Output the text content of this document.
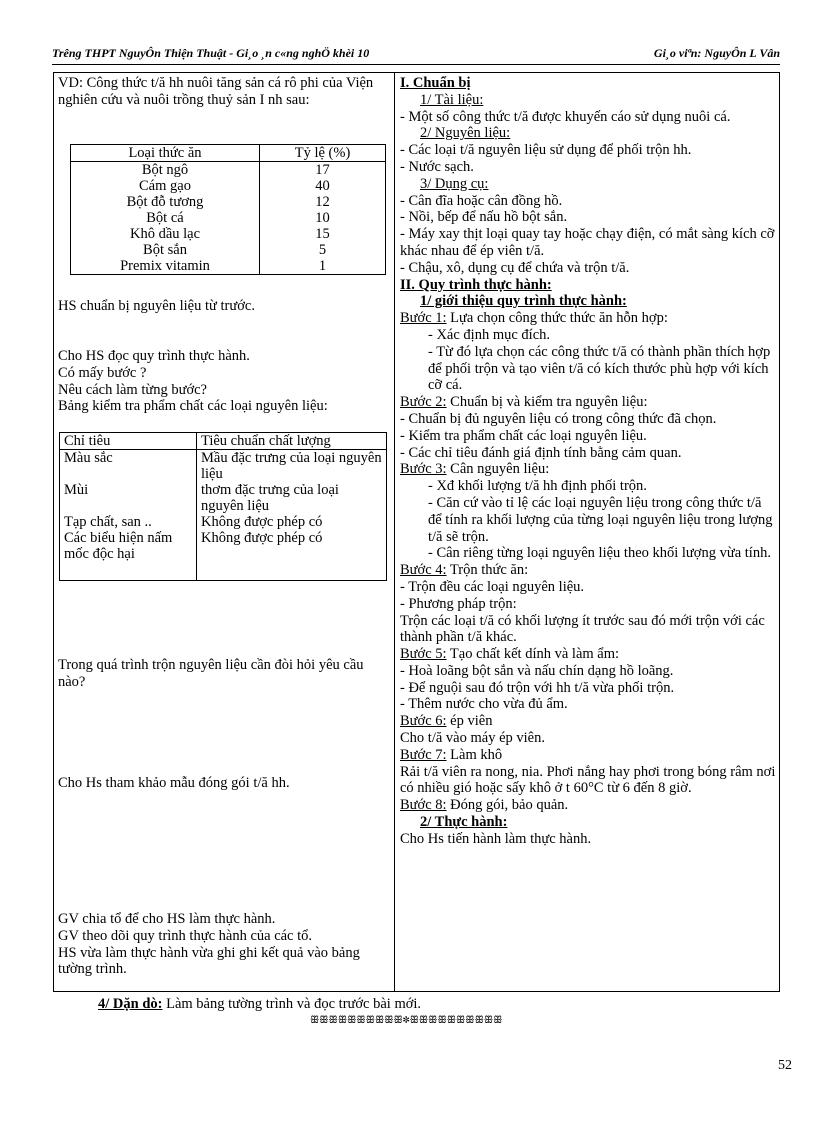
Trêng THPT NguyÔn Thiện Thuật - Gi¸o ¸n c«ng nghÖ khèi 10	Gi¸o viªn: NguyÔn L Vân

VD: Công thức t/ă hh nuôi tăng sản cá rô phi của Viện nghiên cứu và nuôi trồng thuỷ sản I nh sau:

Loại thức ăn	Tỷ lệ (%)
Bột ngô	17
Cám gạo	40
Bột đỗ tương	12
Bột cá	10
Khô dầu lạc	15
Bột sắn	5
Premix vitamin	1

HS chuẩn bị nguyên liệu từ trước.

Cho HS đọc quy trình thực hành.

Có mấy bước ?

Nêu cách làm từng bước?

Bảng kiểm tra phẩm chất các loại nguyên liệu:

Chỉ tiêu	Tiêu chuẩn chất lượng
Màu sắc	Mầu đặc trưng của loại nguyên liệu
Mùi	thơm đặc trưng của loại nguyên liệu
Tạp chất, san ..	Không được phép có
Các biểu hiện nấm mốc độc hại	Không được phép có

Trong quá trình trộn nguyên liệu cần đòi hỏi yêu cầu nào?

Cho Hs tham khảo mẫu đóng gói t/ă hh.

GV chia tổ để cho HS làm thực hành.

GV theo dõi quy trình thực hành của các tổ.

HS vừa làm thực hành vừa ghi ghi kết quả vào bảng tường trình.

I. Chuẩn bị

1/ Tài liệu:

- Một số công thức t/ă được khuyến cáo sử dụng nuôi cá.

2/ Nguyên liệu:

- Các loại t/ă nguyên liệu sử dụng để phối trộn hh.

- Nước sạch.

3/ Dụng cụ:

- Cân đĩa hoặc cân đồng hồ.

- Nồi, bếp để nấu hồ bột sắn.

- Máy xay thịt loại quay tay hoặc chạy điện, có mắt sàng kích cỡ khác nhau để ép viên t/ă.

- Chậu, xô, dụng cụ để chứa và trộn t/ă.

II. Quy trình thực hành:

1/ giới thiệu quy trình thực hành:

Bước 1: Lựa chọn công thức thức ăn hỗn hợp:

- Xác định mục đích.

- Từ đó lựa chọn các công thức t/ă có thành phần thích hợp để phối trộn và tạo viên t/ă có kích thước phù hợp với kích cỡ cá.

Bước 2: Chuẩn bị và kiểm tra nguyên liệu:

- Chuẩn bị đủ nguyên liệu có trong công thức đã chọn.

- Kiểm tra phẩm chất các loại nguyên liệu.

- Các chỉ tiêu đánh giá định tính bằng cảm quan.

Bước 3: Cân nguyên liệu:

- Xđ khối lượng t/ă hh định phối trộn.

- Căn cứ vào tỉ lệ các loại nguyên liệu trong công thức t/ă để tính ra khối lượng của từng loại nguyên liệu trong lượng t/ă sẽ trộn.

- Cân riêng từng loại nguyên liệu theo khối lượng vừa tính.

Bước 4: Trộn thức ăn:

- Trộn đều các loại nguyên liệu.

- Phương pháp trộn:

Trộn các loại t/ă có khối lượng ít trước sau đó mới trộn với các thành phần t/ă khác.

Bước 5: Tạo chất kết dính và làm ẩm:

- Hoà loãng bột sắn và nấu chín dạng hồ loãng.

- Để nguội sau đó trộn với hh t/ă vừa phối trộn.

- Thêm nước cho vừa đủ ẩm.

Bước 6: ép viên

Cho t/ă vào máy ép viên.

Bước 7: Làm khô

Rải t/ă viên ra nong, nia. Phơi nắng hay phơi trong bóng râm nơi có nhiều gió hoặc sấy khô ở t 60°C từ 6 đến 8 giờ.

Bước 8: Đóng gói, bảo quản.

2/ Thực hành:

Cho Hs tiến hành làm thực hành.

4/ Dặn dò: Làm bảng tường trình và đọc trước bài mới.
ꕥꕥꕥꕥꕥꕥꕥꕥꕥꕥ✽ꕥꕥꕥꕥꕥꕥꕥꕥꕥꕥ
52
